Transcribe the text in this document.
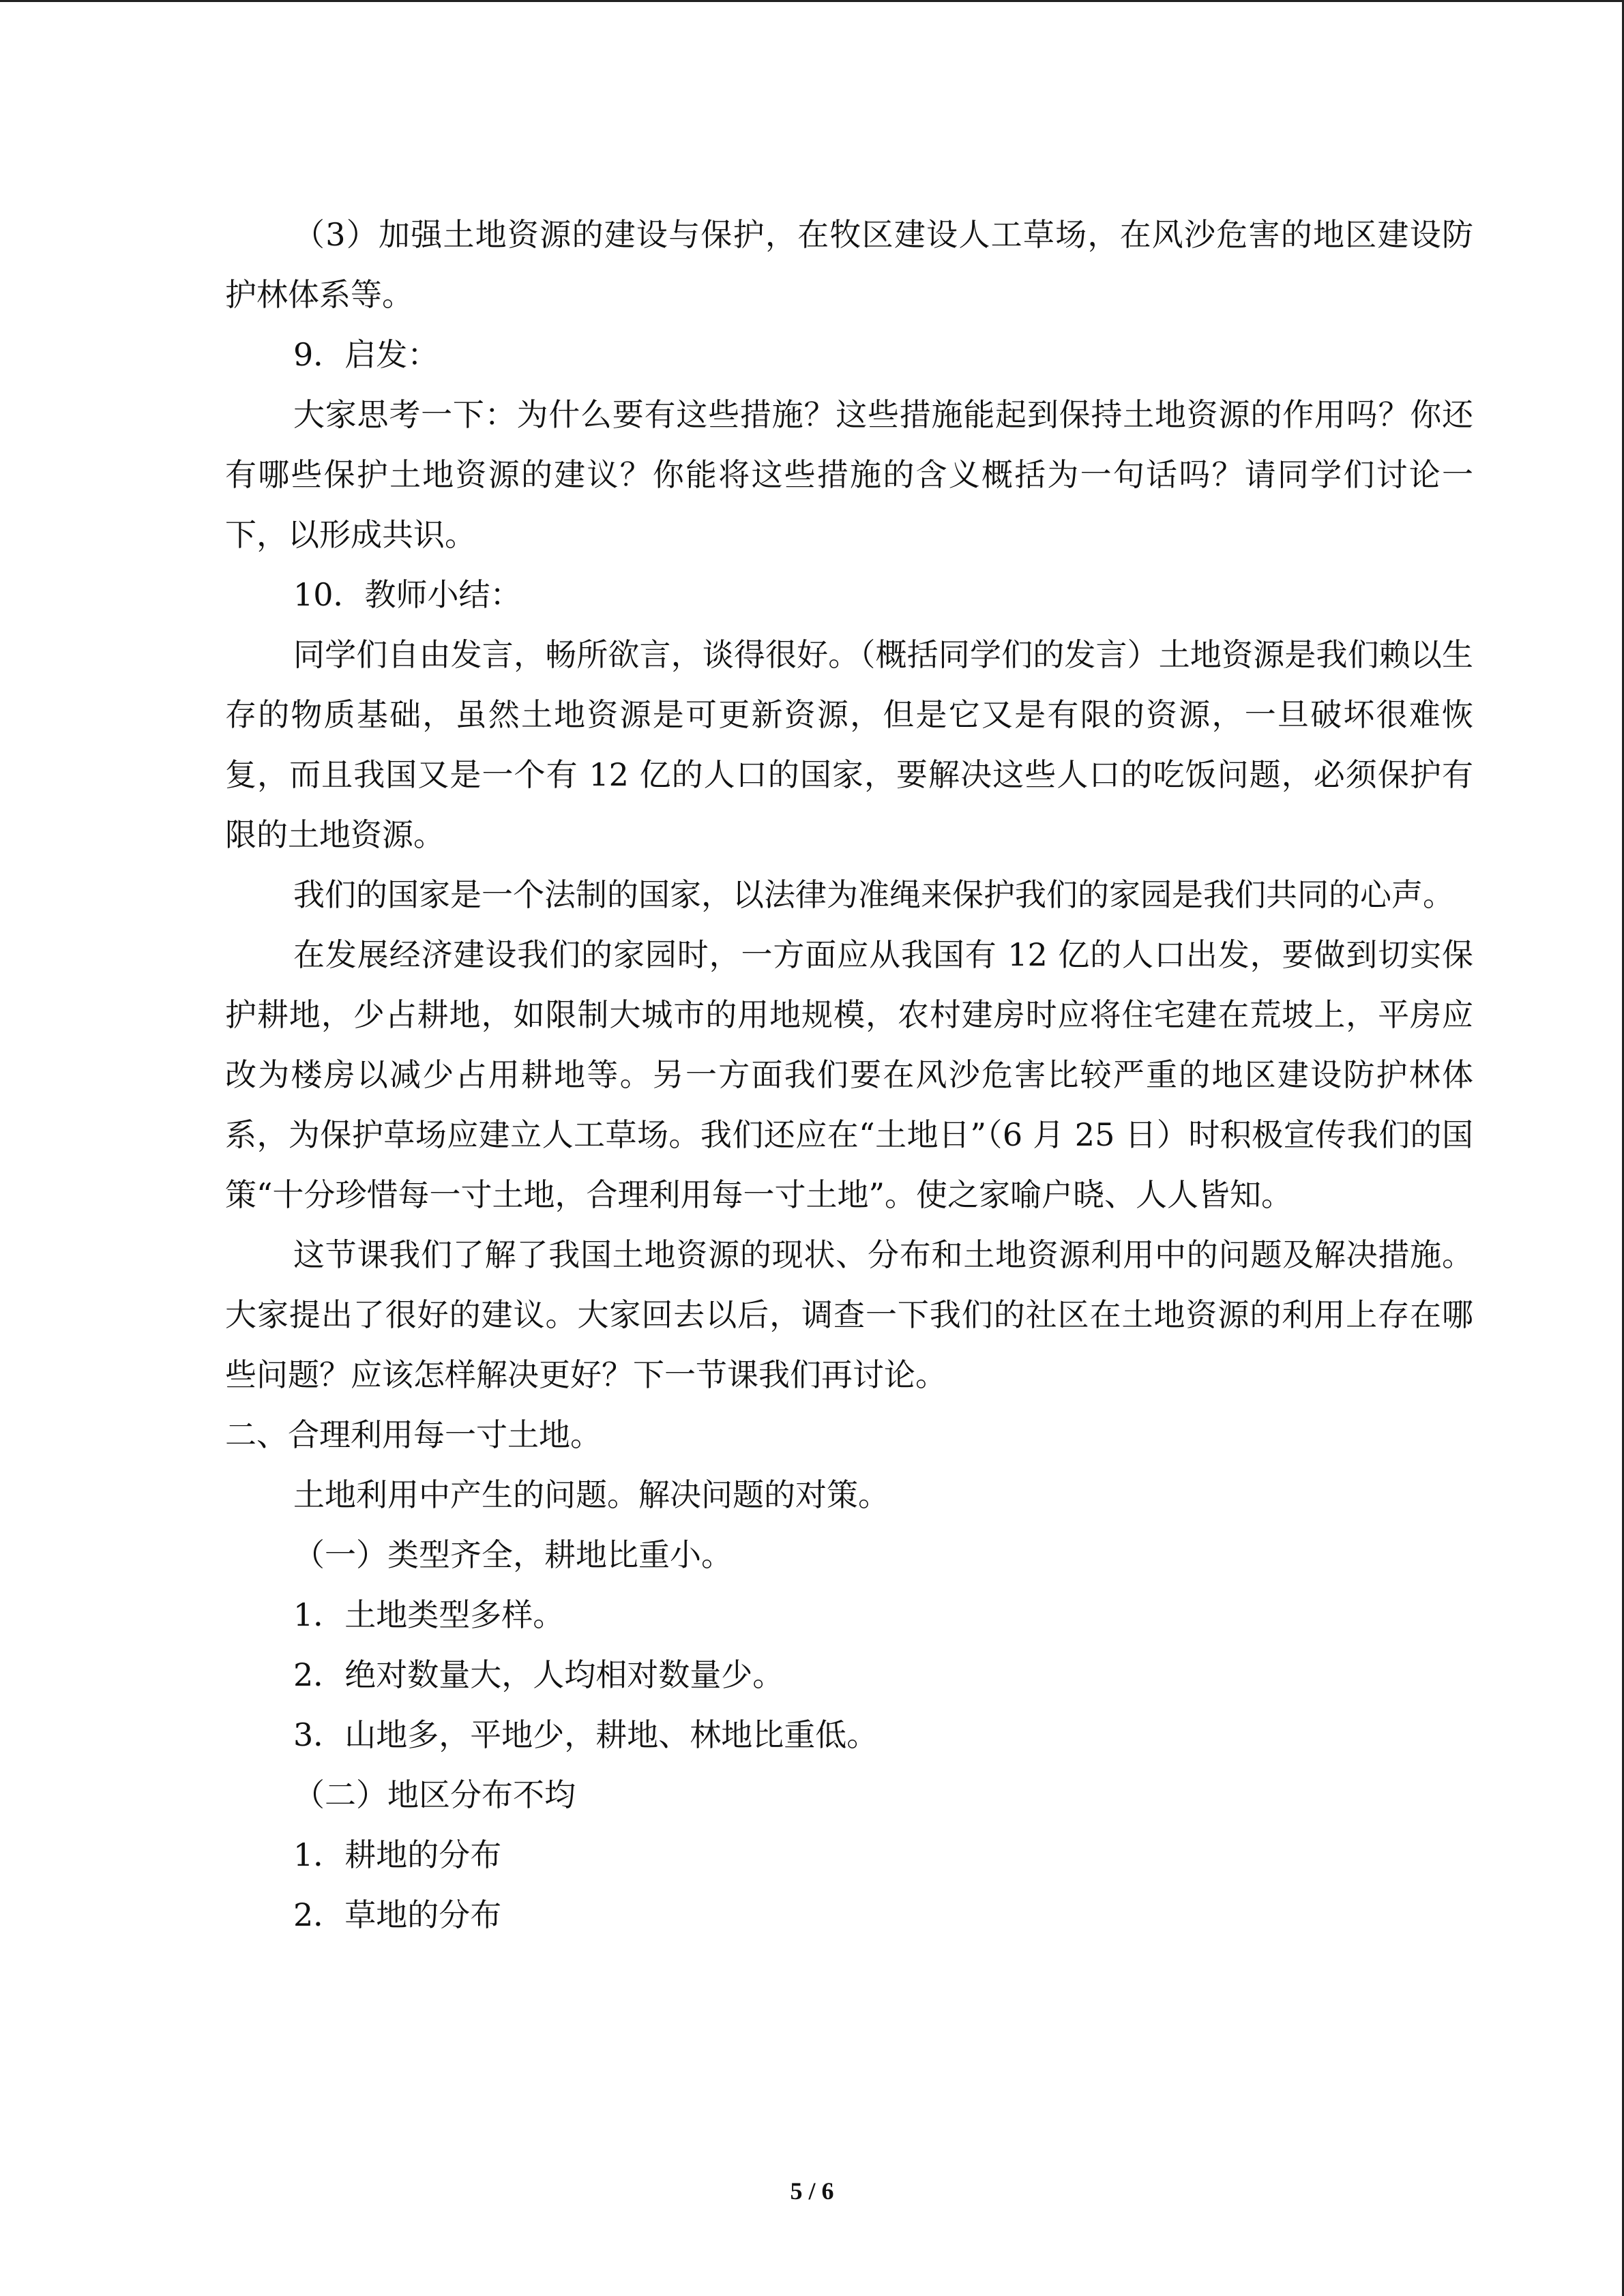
（3）加强土地资源的建设与保护，在牧区建设人工草场，在风沙危害的地区建设防护林体系等。

9．启发：

大家思考一下：为什么要有这些措施？这些措施能起到保持土地资源的作用吗？你还有哪些保护土地资源的建议？你能将这些措施的含义概括为一句话吗？请同学们讨论一下，以形成共识。

10．教师小结：

同学们自由发言，畅所欲言，谈得很好。（概括同学们的发言）土地资源是我们赖以生存的物质基础，虽然土地资源是可更新资源，但是它又是有限的资源，一旦破坏很难恢复，而且我国又是一个有 12 亿的人口的国家，要解决这些人口的吃饭问题，必须保护有限的土地资源。

我们的国家是一个法制的国家，以法律为准绳来保护我们的家园是我们共同的心声。

在发展经济建设我们的家园时，一方面应从我国有 12 亿的人口出发，要做到切实保护耕地，少占耕地，如限制大城市的用地规模，农村建房时应将住宅建在荒坡上，平房应改为楼房以减少占用耕地等。另一方面我们要在风沙危害比较严重的地区建设防护林体系，为保护草场应建立人工草场。我们还应在“土地日”（6 月 25 日）时积极宣传我们的国策“十分珍惜每一寸土地，合理利用每一寸土地”。使之家喻户晓、人人皆知。

这节课我们了解了我国土地资源的现状、分布和土地资源利用中的问题及解决措施。大家提出了很好的建议。大家回去以后，调查一下我们的社区在土地资源的利用上存在哪些问题？应该怎样解决更好？下一节课我们再讨论。

二、合理利用每一寸土地。

土地利用中产生的问题。解决问题的对策。

（一）类型齐全，耕地比重小。

1．土地类型多样。

2．绝对数量大，人均相对数量少。

3．山地多，平地少，耕地、林地比重低。

（二）地区分布不均

1．耕地的分布

2．草地的分布

5 / 6
